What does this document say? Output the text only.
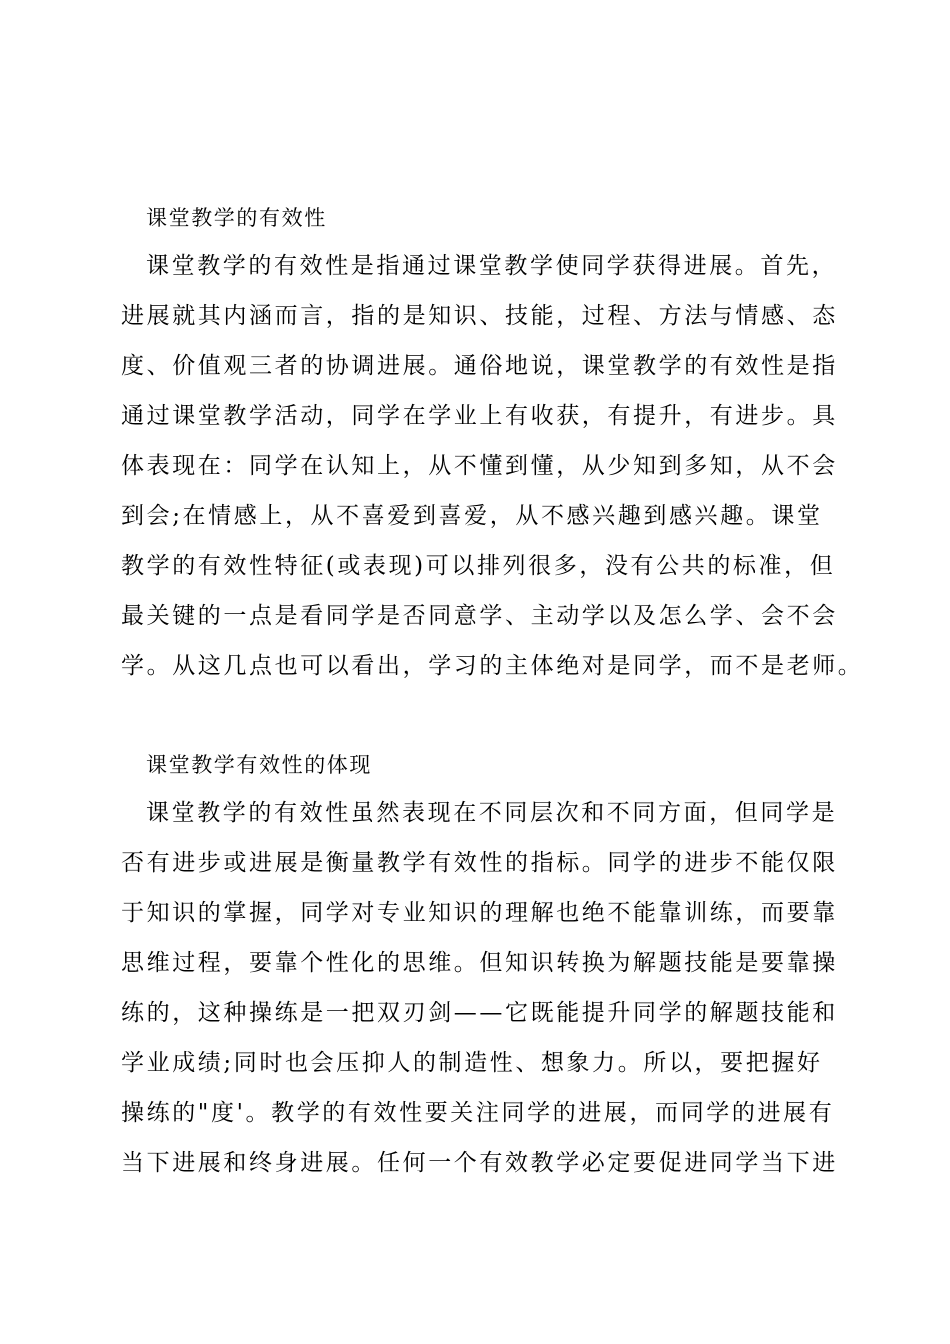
课堂教学的有效性
课堂教学的有效性是指通过课堂教学使同学获得进展。首先，
进展就其内涵而言，指的是知识、技能，过程、方法与情感、态
度、价值观三者的协调进展。通俗地说，课堂教学的有效性是指
通过课堂教学活动，同学在学业上有收获，有提升，有进步。具
体表现在：同学在认知上，从不懂到懂，从少知到多知，从不会
到会;在情感上，从不喜爱到喜爱，从不感兴趣到感兴趣。课堂
教学的有效性特征(或表现)可以排列很多，没有公共的标准，但
最关键的一点是看同学是否同意学、主动学以及怎么学、会不会
学。从这几点也可以看出，学习的主体绝对是同学，而不是老师。
课堂教学有效性的体现
课堂教学的有效性虽然表现在不同层次和不同方面，但同学是
否有进步或进展是衡量教学有效性的指标。同学的进步不能仅限
于知识的掌握，同学对专业知识的理解也绝不能靠训练，而要靠
思维过程，要靠个性化的思维。但知识转换为解题技能是要靠操
练的，这种操练是一把双刃剑——它既能提升同学的解题技能和
学业成绩;同时也会压抑人的制造性、想象力。所以，要把握好
操练的"度'。教学的有效性要关注同学的进展，而同学的进展有
当下进展和终身进展。任何一个有效教学必定要促进同学当下进
